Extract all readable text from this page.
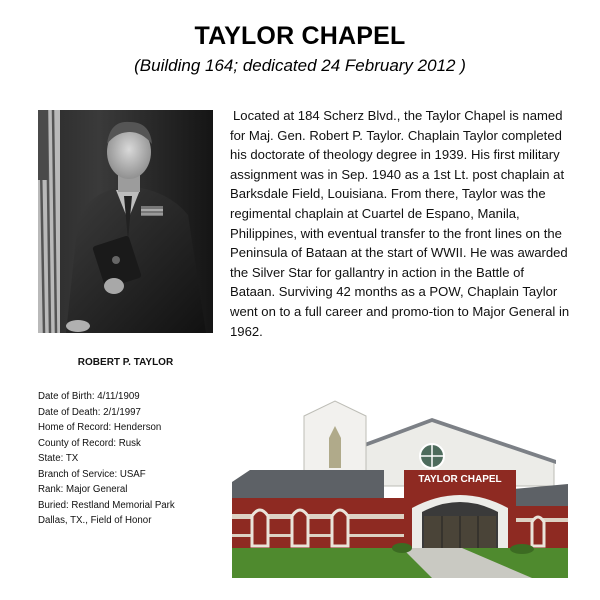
TAYLOR CHAPEL
(Building 164; dedicated 24 February 2012 )
ROBERT P. TAYLOR
Date of Birth: 4/11/1909
Date of Death: 2/1/1997
Home of Record: Henderson
County of Record: Rusk
State: TX
Branch of Service: USAF
Rank: Major General
Buried: Restland Memorial Park
Dallas, TX., Field of Honor
Located at 184 Scherz Blvd., the Taylor Chapel is named for Maj. Gen. Robert P. Taylor. Chaplain Taylor completed his doctorate of theology degree in 1939. His first military assignment was in Sep. 1940 as a 1st Lt. post chaplain at Barksdale Field, Louisiana. From there, Taylor was the regimental chaplain at Cuartel de Espano, Manila, Philippines, with eventual transfer to the front lines on the Peninsula of Bataan at the start of WWII. He was awarded the Silver Star for gallantry in action in the Battle of Bataan. Surviving 42 months as a POW, Chaplain Taylor went on to a full career and promo-tion to Major General in 1962.
TAYLOR CHAPEL
